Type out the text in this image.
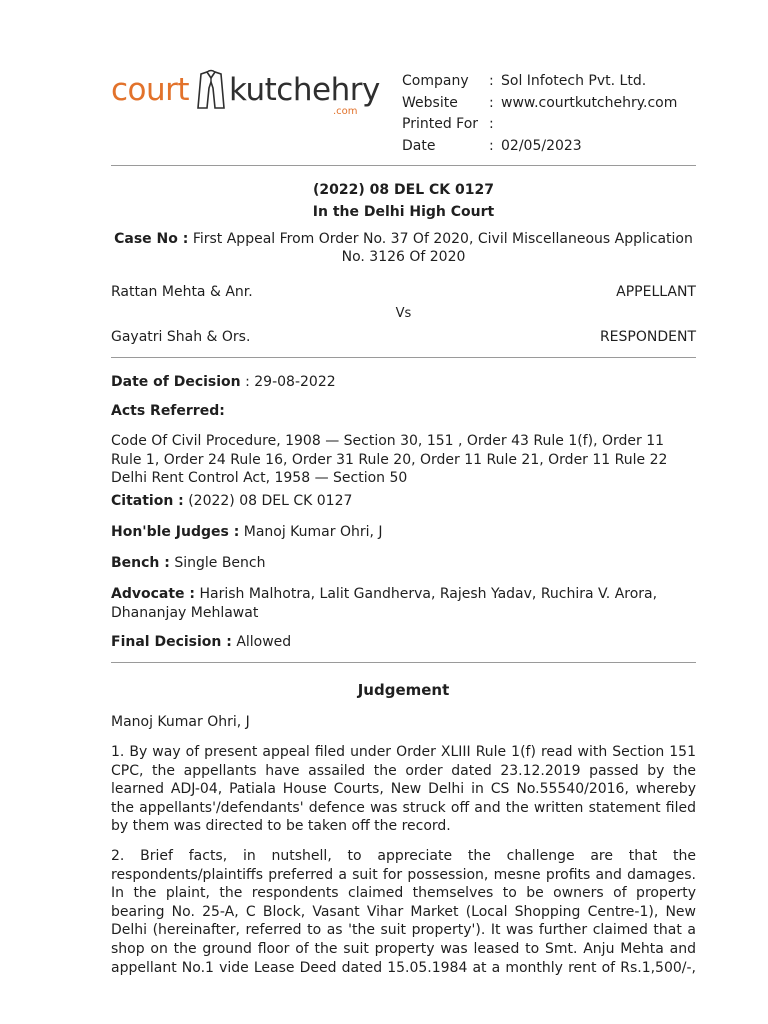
court kutchehry
.com
Company	: Sol Infotech Pvt. Ltd.
Website	: www.courtkutchehry.com
Printed For :
Date	: 02/05/2023
(2022) 08 DEL CK 0127
In the Delhi High Court
Case No : First Appeal From Order No. 37 Of 2020, Civil Miscellaneous Application
No. 3126 Of 2020
Rattan Mehta & Anr.	APPELLANT
Vs
Gayatri Shah & Ors.	RESPONDENT
Date of Decision : 29-08-2022
Acts Referred:
Code Of Civil Procedure, 1908 — Section 30, 151 , Order 43 Rule 1(f), Order 11
Rule 1, Order 24 Rule 16, Order 31 Rule 20, Order 11 Rule 21, Order 11 Rule 22
Delhi Rent Control Act, 1958 — Section 50
Citation : (2022) 08 DEL CK 0127
Hon'ble Judges : Manoj Kumar Ohri, J
Bench : Single Bench
Advocate : Harish Malhotra, Lalit Gandherva, Rajesh Yadav, Ruchira V. Arora,
Dhananjay Mehlawat
Final Decision : Allowed
Judgement
Manoj Kumar Ohri, J
1. By way of present appeal filed under Order XLIII Rule 1(f) read with Section 151
CPC, the appellants have assailed the order dated 23.12.2019 passed by the
learned ADJ-04, Patiala House Courts, New Delhi in CS No.55540/2016, whereby
the appellants'/defendants' defence was struck off and the written statement filed
by them was directed to be taken off the record.
2. Brief facts, in nutshell, to appreciate the challenge are that the
respondents/plaintiffs preferred a suit for possession, mesne profits and damages.
In the plaint, the respondents claimed themselves to be owners of property
bearing No. 25-A, C Block, Vasant Vihar Market (Local Shopping Centre-1), New
Delhi (hereinafter, referred to as 'the suit property'). It was further claimed that a
shop on the ground floor of the suit property was leased to Smt. Anju Mehta and
appellant No.1 vide Lease Deed dated 15.05.1984 at a monthly rent of Rs.1,500/-,
